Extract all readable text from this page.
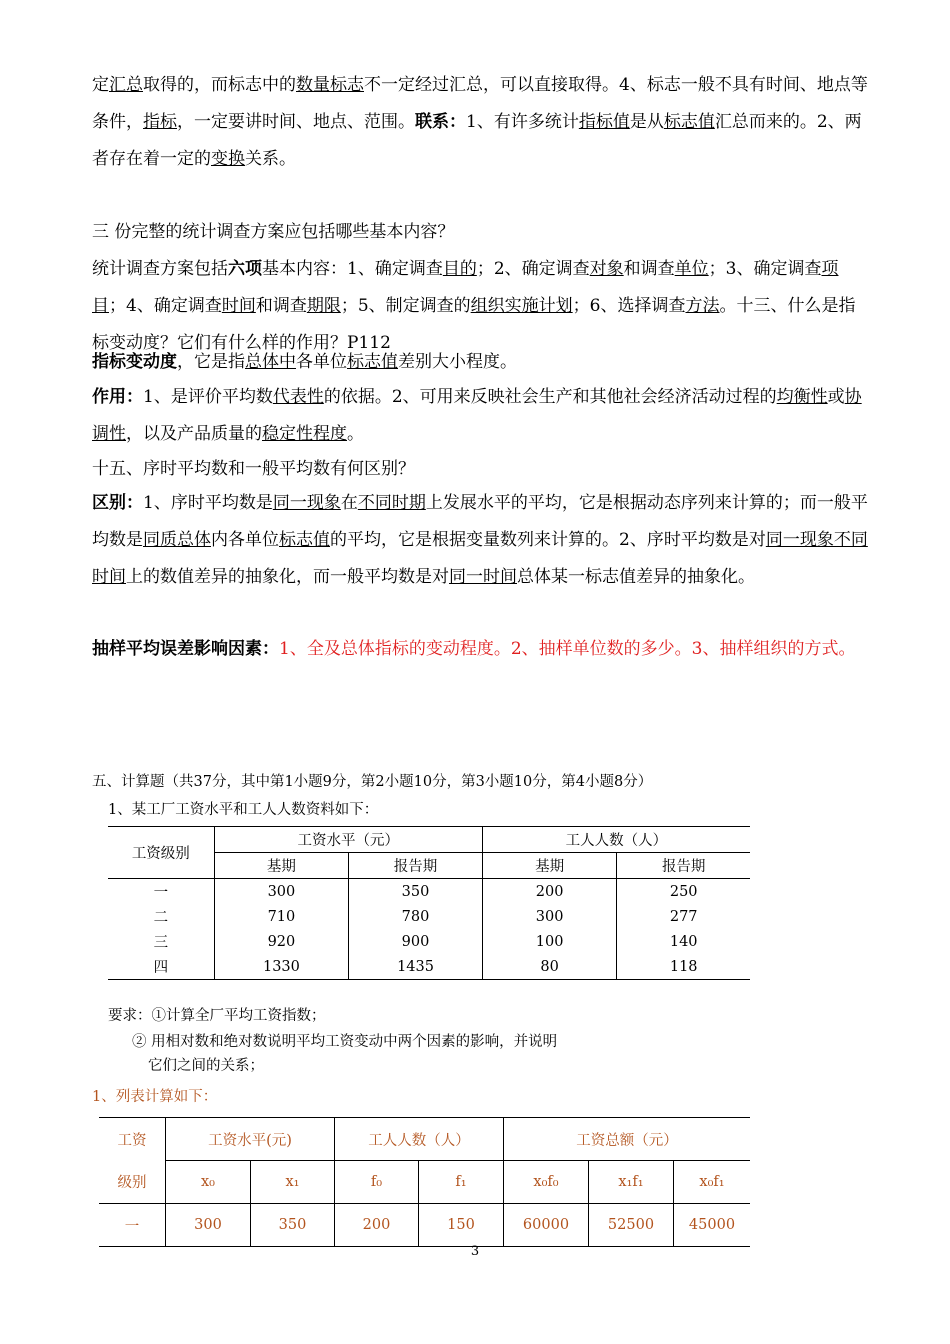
定汇总取得的，而标志中的数量标志不一定经过汇总，可以直接取得。4、标志一般不具有时间、地点等条件，指标，一定要讲时间、地点、范围。联系：1、有许多统计指标值是从标志值汇总而来的。2、两者存在着一定的变换关系。

三 份完整的统计调查方案应包括哪些基本内容？
统计调查方案包括六项基本内容：1、确定调查目的；2、确定调查对象和调查单位；3、确定调查项目；4、确定调查时间和调查期限；5、制定调查的组织实施计划；6、选择调查方法。十三、什么是指标变动度？它们有什么样的作用？P112

指标变动度，它是指总体中各单位标志值差别大小程度。

作用：1、是评价平均数代表性的依据。2、可用来反映社会生产和其他社会经济活动过程的均衡性或协调性，以及产品质量的稳定性程度。

十五、序时平均数和一般平均数有何区别？

区别：1、序时平均数是同一现象在不同时期上发展水平的平均，它是根据动态序列来计算的；而一般平均数是同质总体内各单位标志值的平均，它是根据变量数列来计算的。2、序时平均数是对同一现象不同时间上的数值差异的抽象化，而一般平均数是对同一时间总体某一标志值差异的抽象化。

抽样平均误差影响因素：1、全及总体指标的变动程度。2、抽样单位数的多少。3、抽样组织的方式。

五、计算题（共37分，其中第1小题9分，第2小题10分，第3小题10分，第4小题8分）

1、某工厂工资水平和工人人数资料如下：

工资级别	工资水平（元）		工人人数（人）	
	基期	报告期	基期	报告期
一	300	350	200	250
二	710	780	300	277
三	920	900	100	140
四	1330	1435	80	118

要求：①计算全厂平均工资指数；

② 用相对数和绝对数说明平均工资变动中两个因素的影响，并说明

它们之间的关系；

1、列表计算如下：

工资	工资水平(元)		工人人数（人）		工资总额（元）		
级别	x₀	x₁	f₀	f₁	x₀f₀	x₁f₁	x₀f₁
一	300	350	200	150	60000	52500	45000
3
